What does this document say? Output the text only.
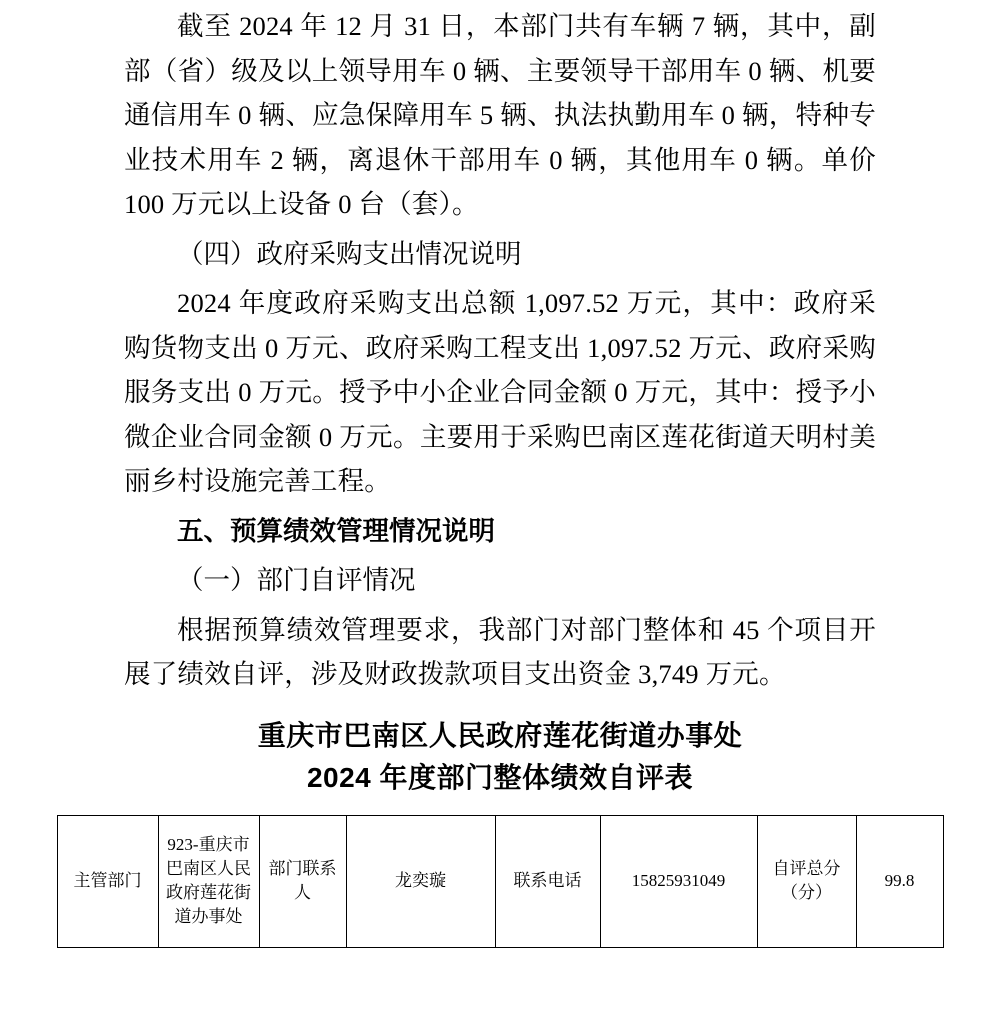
截至 2024 年 12 月 31 日，本部门共有车辆 7 辆，其中，副部（省）级及以上领导用车 0 辆、主要领导干部用车 0 辆、机要通信用车 0 辆、应急保障用车 5 辆、执法执勤用车 0 辆，特种专业技术用车 2 辆，离退休干部用车 0 辆，其他用车 0 辆。单价 100 万元以上设备 0 台（套）。

（四）政府采购支出情况说明

2024 年度政府采购支出总额 1,097.52 万元，其中：政府采购货物支出 0 万元、政府采购工程支出 1,097.52 万元、政府采购服务支出 0 万元。授予中小企业合同金额 0 万元，其中：授予小微企业合同金额 0 万元。主要用于采购巴南区莲花街道天明村美丽乡村设施完善工程。

五、预算绩效管理情况说明

（一）部门自评情况

根据预算绩效管理要求，我部门对部门整体和 45 个项目开展了绩效自评，涉及财政拨款项目支出资金 3,749 万元。

重庆市巴南区人民政府莲花街道办事处
2024 年度部门整体绩效自评表
主管部门	923-重庆市巴南区人民政府莲花街道办事处	部门联系人	龙奕璇	联系电话	15825931049	自评总分（分）	99.8
